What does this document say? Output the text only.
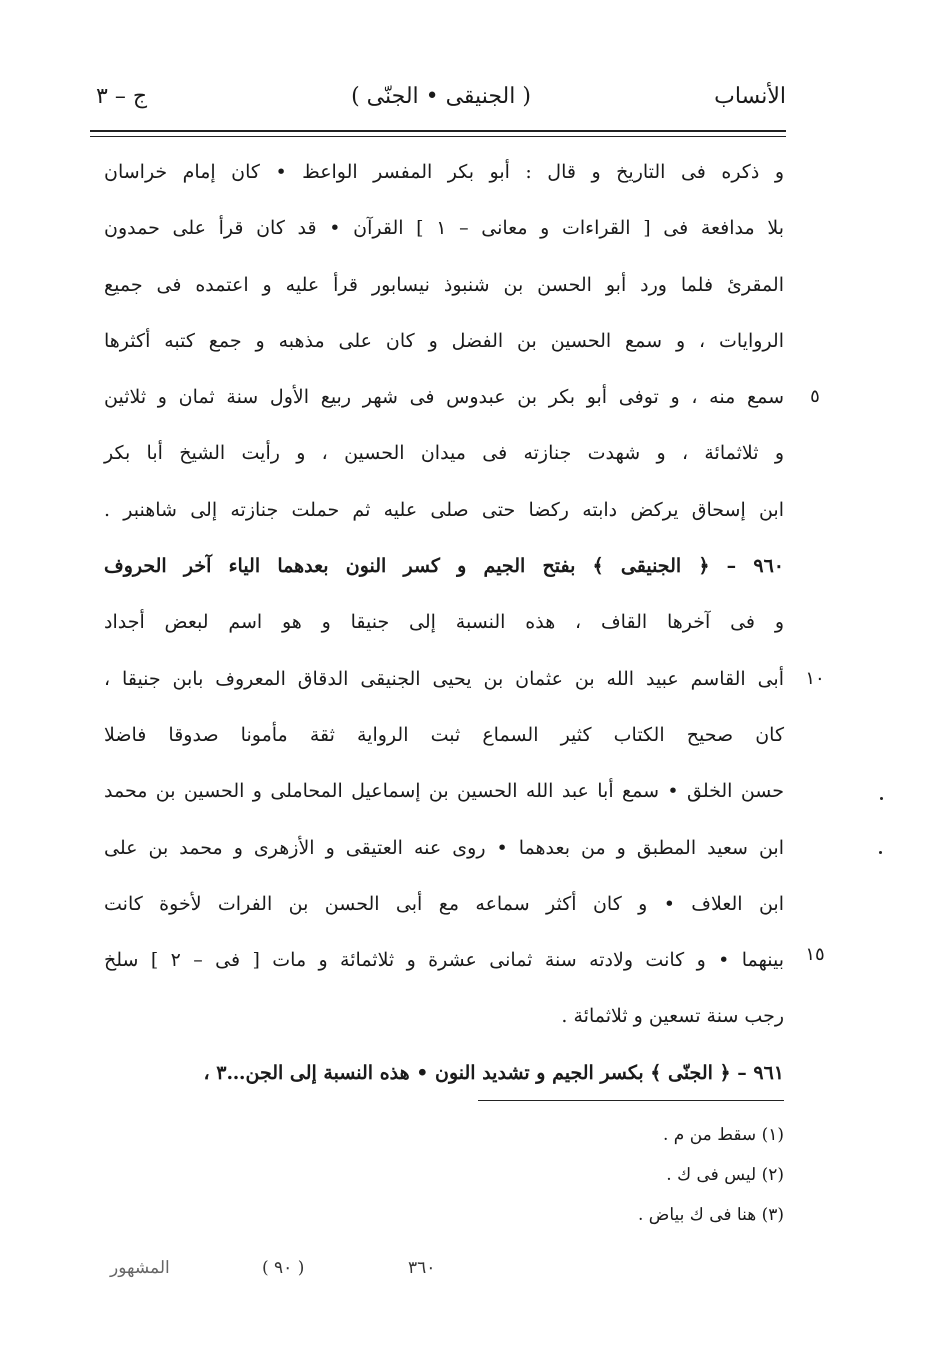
الأنساب
( الجنيقى • الجنّى )
ج – ٣
و ذكره فى التاريخ و قال : أبو بكر المفسر الواعظ • كان إمام خراسان
بلا مدافعة فى [ القراءات و معانى – ١ ] القرآن • قد كان قرأ على حمدون
المقرئ فلما ورد أبو الحسن بن شنبوذ نيسابور قرأ عليه و اعتمده فى جميع
الروايات ، و سمع الحسين بن الفضل و كان على مذهبه و جمع كتبه أكثرها
سمع منه ، و توفى أبو بكر بن عبدوس فى شهر ربيع الأول سنة ثمان و ثلاثين
و ثلاثمائة ، و شهدت جنازته فى ميدان الحسين ، و رأيت الشيخ أبا بكر
ابن إسحاق يركض دابته ركضا حتى صلى عليه ثم حملت جنازته إلى شاهنبر .
٩٦٠ – ﴿ الجنيقى ﴾ بفتح الجيم و كسر النون بعدهما الياء آخر الحروف
و فى آخرها القاف ، هذه النسبة إلى جنيقا و هو اسم لبعض أجداد
أبى القاسم عبيد الله بن عثمان بن يحيى الجنيقى الدقاق المعروف بابن جنيقا ،
كان صحيح الكتاب كثير السماع ثبت الرواية ثقة مأمونا صدوقا فاضلا
حسن الخلق • سمع أبا عبد الله الحسين بن إسماعيل المحاملى و الحسين بن محمد
ابن سعيد المطبق و من بعدهما • روى عنه العتيقى و الأزهرى و محمد بن على
ابن العلاف • و كان أكثر سماعه مع أبى الحسن بن الفرات لأخوة كانت
بينهما • و كانت ولادته سنة ثمانى عشرة و ثلاثمائة و مات [ فى – ٢ ] سلخ
رجب سنة تسعين و ثلاثمائة .
٩٦١ – ﴿ الجنّى ﴾ بكسر الجيم و تشديد النون • هذه النسبة إلى الجن…٣ ،
٥
١٠
١٥
(١) سقط من م .
(٢) ليس فى ك .
(٣) هنا فى ك بياض .
٣٦٠
( ٩٠ )
المشهور
